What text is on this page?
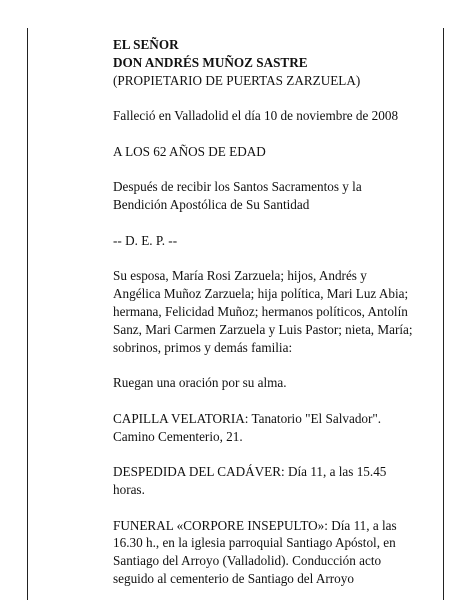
EL SEÑOR

DON ANDRÉS MUÑOZ SASTRE

(PROPIETARIO DE PUERTAS ZARZUELA)

Falleció en Valladolid el día 10 de noviembre de 2008

A LOS 62 AÑOS DE EDAD

Después de recibir los Santos Sacramentos y la Bendición Apostólica de Su Santidad

-- D. E. P. --

Su esposa, María Rosi Zarzuela; hijos, Andrés y Angélica Muñoz Zarzuela; hija política, Mari Luz Abia; hermana, Felicidad Muñoz; hermanos políticos, Antolín Sanz, Mari Carmen Zarzuela y Luis Pastor; nieta, María; sobrinos, primos y demás familia:

Ruegan una oración por su alma.

CAPILLA VELATORIA: Tanatorio "El Salvador". Camino Cementerio, 21.

DESPEDIDA DEL CADÁVER: Día 11, a las 15.45 horas.

FUNERAL «CORPORE INSEPULTO»: Día 11, a las 16.30 h., en la iglesia parroquial Santiago Apóstol, en Santiago del Arroyo (Valladolid). Conducción acto seguido al cementerio de Santiago del Arroyo
